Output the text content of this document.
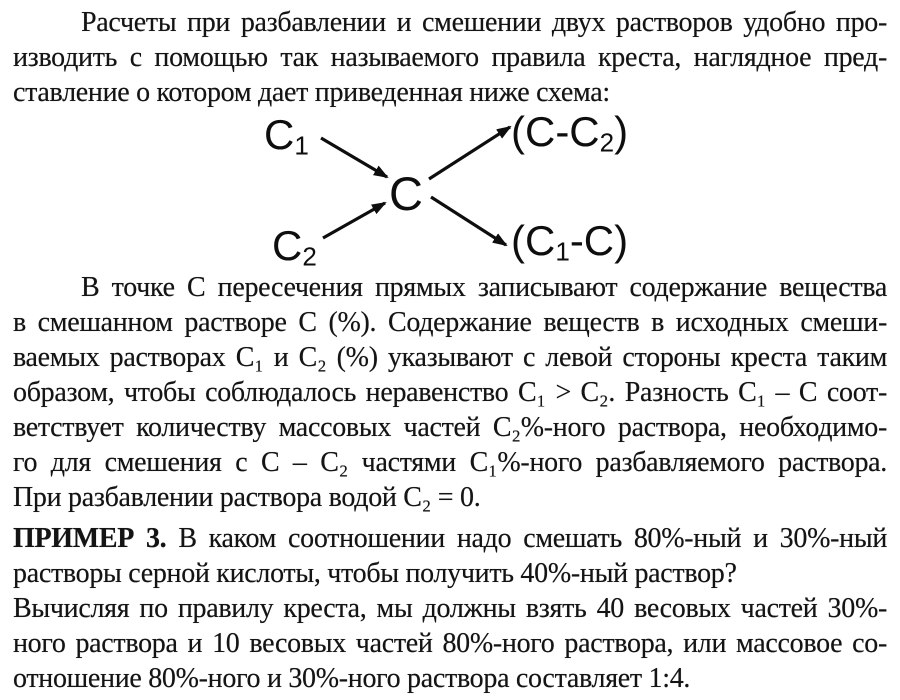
Расчеты при разбавлении и смешении двух растворов удобно про-
изводить с помощью так называемого правила креста, наглядное пред-
ставление о котором дает приведенная ниже схема:
$C_1$
$C_2$
C
$(C-C_2)$
$(C_1-C)$
В точке С пересечения прямых записывают содержание вещества
в смешанном растворе С (%). Содержание веществ в исходных смеши-
ваемых растворах С₁ и С₂ (%) указывают с левой стороны креста таким
образом, чтобы соблюдалось неравенство С₁ > С₂. Разность С₁ – С соот-
ветствует количеству массовых частей С₂%-ного раствора, необходимо-
го для смешения с С – С₂ частями С₁%-ного разбавляемого раствора.
При разбавлении раствора водой С₂ = 0.
ПРИМЕР 3. В каком соотношении надо смешать 80%-ный и 30%-ный
растворы серной кислоты, чтобы получить 40%-ный раствор?
Вычисляя по правилу креста, мы должны взять 40 весовых частей 30%-
ного раствора и 10 весовых частей 80%-ного раствора, или массовое со-
отношение 80%-ного и 30%-ного раствора составляет 1:4.
